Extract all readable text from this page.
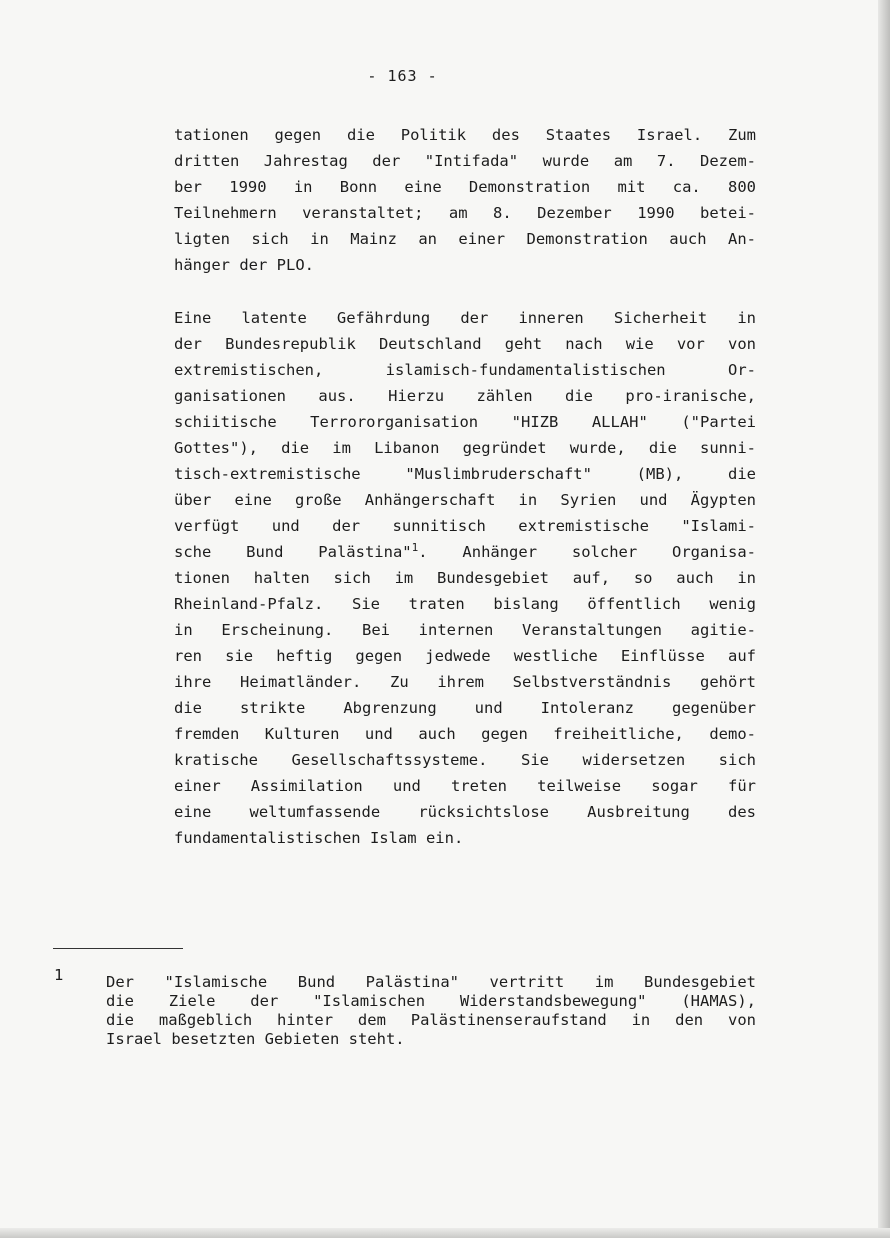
- 163 -
tationen gegen die Politik des Staates Israel. Zum
dritten Jahrestag der "Intifada" wurde am 7. Dezem-
ber 1990 in Bonn eine Demonstration mit ca. 800
Teilnehmern veranstaltet; am 8. Dezember 1990 betei-
ligten sich in Mainz an einer Demonstration auch An-
hänger der PLO.
Eine latente Gefährdung der inneren Sicherheit in
der Bundesrepublik Deutschland geht nach wie vor von
extremistischen, islamisch-fundamentalistischen Or-
ganisationen aus. Hierzu zählen die pro-iranische,
schiitische Terrororganisation "HIZB ALLAH" ("Partei
Gottes"), die im Libanon gegründet wurde, die sunni-
tisch-extremistische "Muslimbruderschaft" (MB), die
über eine große Anhängerschaft in Syrien und Ägypten
verfügt und der sunnitisch extremistische "Islami-
sche Bund Palästina"$^1$. Anhänger solcher Organisa-
tionen halten sich im Bundesgebiet auf, so auch in
Rheinland-Pfalz. Sie traten bislang öffentlich wenig
in Erscheinung. Bei internen Veranstaltungen agitie-
ren sie heftig gegen jedwede westliche Einflüsse auf
ihre Heimatländer. Zu ihrem Selbstverständnis gehört
die strikte Abgrenzung und Intoleranz gegenüber
fremden Kulturen und auch gegen freiheitliche, demo-
kratische Gesellschaftssysteme. Sie widersetzen sich
einer Assimilation und treten teilweise sogar für
eine weltumfassende rücksichtslose Ausbreitung des
fundamentalistischen Islam ein.
1	Der "Islamische Bund Palästina" vertritt im Bundesgebiet
die Ziele der "Islamischen Widerstandsbewegung" (HAMAS),
die maßgeblich hinter dem Palästinenseraufstand in den von
Israel besetzten Gebieten steht.
